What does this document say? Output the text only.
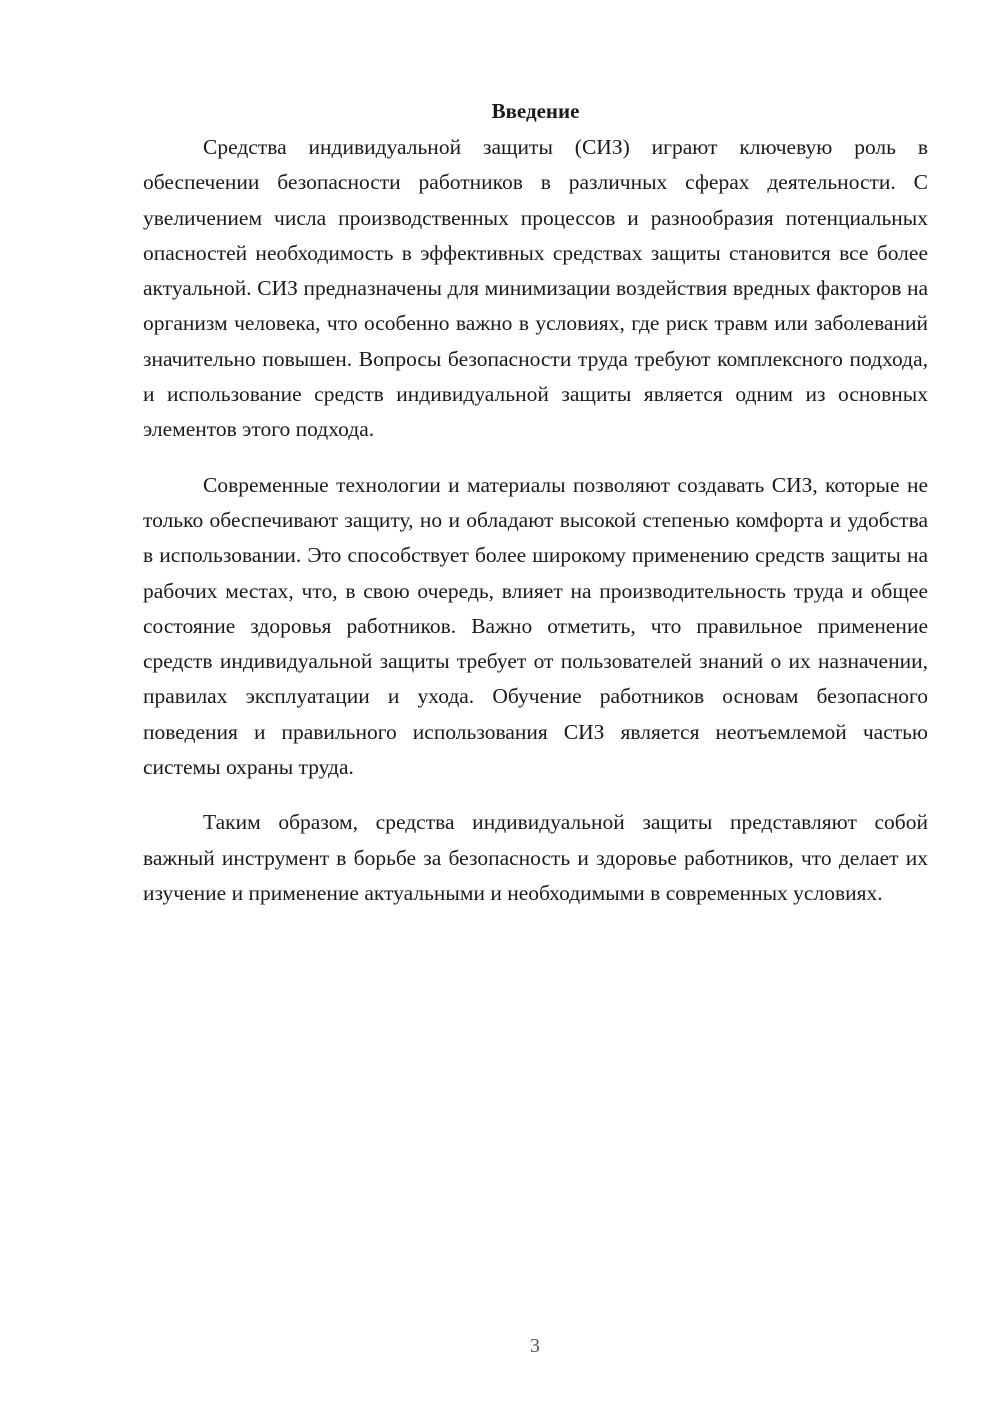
Введение

Средства индивидуальной защиты (СИЗ) играют ключевую роль в обеспечении безопасности работников в различных сферах деятельности. С увеличением числа производственных процессов и разнообразия потенциальных опасностей необходимость в эффективных средствах защиты становится все более актуальной. СИЗ предназначены для минимизации воздействия вредных факторов на организм человека, что особенно важно в условиях, где риск травм или заболеваний значительно повышен. Вопросы безопасности труда требуют комплексного подхода, и использование средств индивидуальной защиты является одним из основных элементов этого подхода.

Современные технологии и материалы позволяют создавать СИЗ, которые не только обеспечивают защиту, но и обладают высокой степенью комфорта и удобства в использовании. Это способствует более широкому применению средств защиты на рабочих местах, что, в свою очередь, влияет на производительность труда и общее состояние здоровья работников. Важно отметить, что правильное применение средств индивидуальной защиты требует от пользователей знаний о их назначении, правилах эксплуатации и ухода. Обучение работников основам безопасного поведения и правильного использования СИЗ является неотъемлемой частью системы охраны труда.

Таким образом, средства индивидуальной защиты представляют собой важный инструмент в борьбе за безопасность и здоровье работников, что делает их изучение и применение актуальными и необходимыми в современных условиях.

3
